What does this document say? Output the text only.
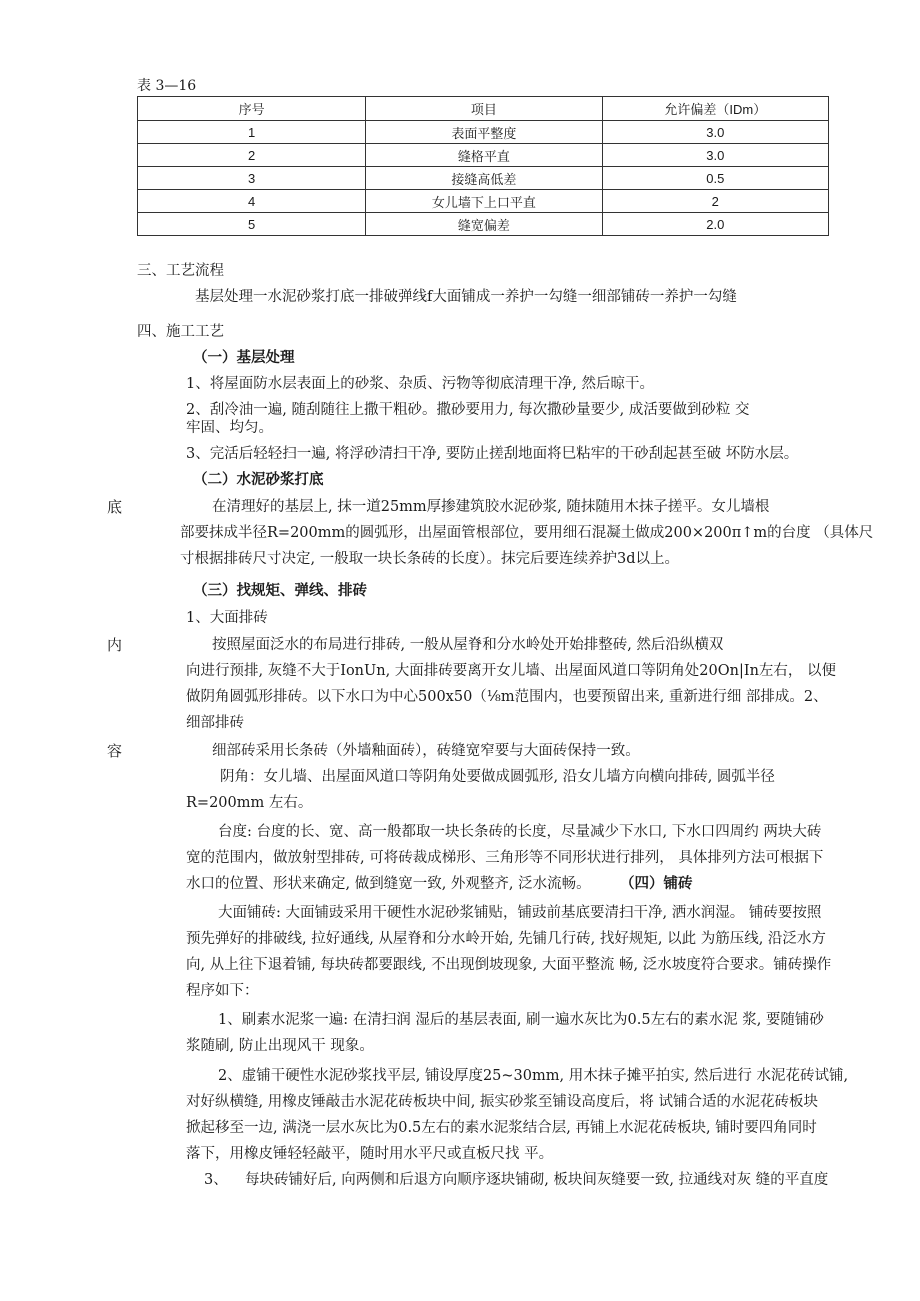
表 3—16
序号	项目	允许偏差（IDm）
1	表面平整度	3.0
2	缝格平直	3.0
3	接缝高低差	0.5
4	女儿墙下上口平直	2
5	缝宽偏差	2.0
三、工艺流程
基层处理一水泥砂浆打底一排破弹线f大面铺成一养护一勾缝一细部铺砖一养护一勾缝
四、施工工艺
（一）基层处理
1、将屋面防水层表面上的砂浆、杂质、污物等彻底清理干净, 然后晾干。
2、刮冷油一遍, 随刮随往上撒干粗砂。撒砂要用力, 每次撒砂量要少, 成活要做到砂粒 交
牢固、均匀。
3、完活后轻轻扫一遍, 将浮砂清扫干净, 要防止搓刮地面将巳粘牢的干砂刮起甚至破 坏防水层。
（二）水泥砂浆打底
底	在清理好的基层上, 抹一道25mm厚掺建筑胶水泥砂浆, 随抹随用木抹子搓平。女儿墙根
部要抹成半径R=200mm的圆弧形，出屋面管根部位，要用细石混凝土做成200×200π↑m的台度 （具体尺
寸根据排砖尺寸决定, 一般取一块长条砖的长度）。抹完后要连续养护3d以上。
（三）找规矩、弹线、排砖
1、大面排砖
内	按照屋面泛水的布局进行排砖, 一般从屋脊和分水岭处开始排整砖, 然后沿纵横双
向进行预排, 灰缝不大于IonUn, 大面排砖要离开女儿墙、出屋面风道口等阴角处20On|In左右， 以便
做阴角圆弧形排砖。以下水口为中心500x50（⅛m范围内，也要预留出来, 重新进行细 部排成。2、
细部排砖
容	细部砖采用长条砖（外墙釉面砖），砖缝宽窄要与大面砖保持一致。
阴角：女儿墙、出屋面风道口等阴角处要做成圆弧形, 沿女儿墙方向横向排砖, 圆弧半径
R=200mm 左右。
台度: 台度的长、宽、高一般都取一块长条砖的长度，尽量减少下水口, 下水口四周约 两块大砖
宽的范围内，做放射型排砖, 可将砖裁成梯形、三角形等不同形状进行排列， 具体排列方法可根据下
水口的位置、形状来确定, 做到缝宽一致, 外观整齐, 泛水流畅。 （四）铺砖
大面铺砖: 大面铺豉采用干硬性水泥砂浆铺贴，铺豉前基底要清扫干净, 洒水润湿。 铺砖要按照
预先弹好的排破线, 拉好通线, 从屋脊和分水岭开始, 先铺几行砖, 找好规矩, 以此 为筋压线, 沿泛水方
向, 从上往下退着铺, 每块砖都要跟线, 不出现倒坡现象, 大面平整流 畅, 泛水坡度符合要求。铺砖操作
程序如下：
1、刷素水泥浆一遍: 在清扫润 湿后的基层表面, 刷一遍水灰比为0.5左右的素水泥 浆, 要随铺砂
浆随刷, 防止出现风干 现象。
2、虚铺干硬性水泥砂浆找平层, 铺设厚度25~30mm, 用木抹子摊平拍实, 然后进行 水泥花砖试铺,
对好纵横缝, 用橡皮锤敲击水泥花砖板块中间, 振实砂浆至铺设高度后，将 试铺合适的水泥花砖板块
掀起移至一边, 满浇一层水灰比为0.5左右的素水泥浆结合层, 再铺上水泥花砖板块, 铺时要四角同时
落下，用橡皮锤轻轻敲平，随时用水平尺或直板尺找 平。
3、 每块砖铺好后, 向两侧和后退方向顺序逐块铺砌, 板块间灰缝要一致, 拉通线对灰 缝的平直度
